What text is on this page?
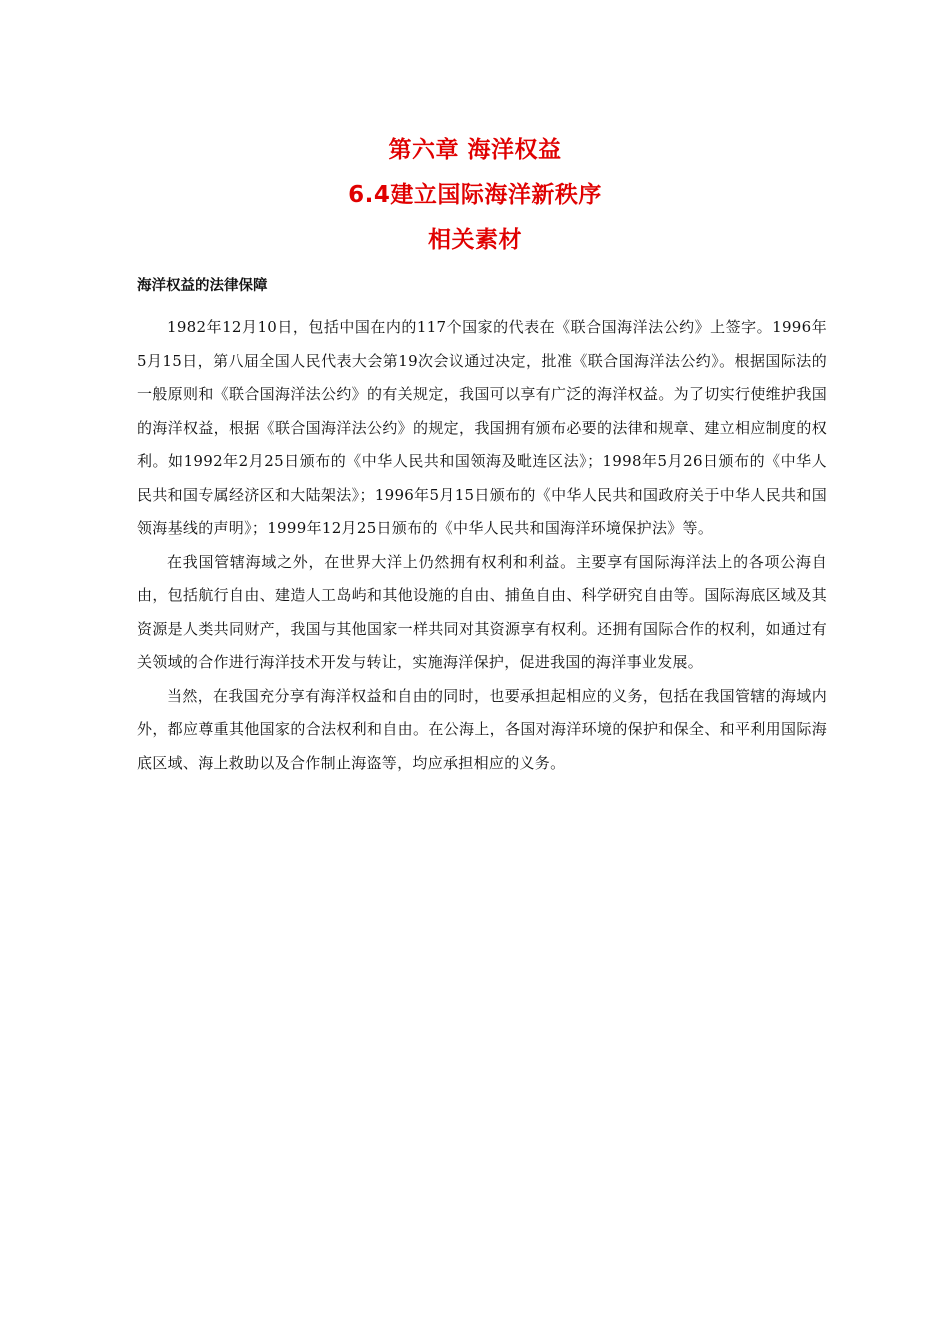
第六章 海洋权益
6.4建立国际海洋新秩序
相关素材
海洋权益的法律保障

1982年12月10日，包括中国在内的117个国家的代表在《联合国海洋法公约》上签字。1996年5月15日，第八届全国人民代表大会第19次会议通过决定，批准《联合国海洋法公约》。根据国际法的一般原则和《联合国海洋法公约》的有关规定，我国可以享有广泛的海洋权益。为了切实行使维护我国的海洋权益，根据《联合国海洋法公约》的规定，我国拥有颁布必要的法律和规章、建立相应制度的权利。如1992年2月25日颁布的《中华人民共和国领海及毗连区法》；1998年5月26日颁布的《中华人民共和国专属经济区和大陆架法》；1996年5月15日颁布的《中华人民共和国政府关于中华人民共和国领海基线的声明》；1999年12月25日颁布的《中华人民共和国海洋环境保护法》等。

在我国管辖海域之外，在世界大洋上仍然拥有权利和利益。主要享有国际海洋法上的各项公海自由，包括航行自由、建造人工岛屿和其他设施的自由、捕鱼自由、科学研究自由等。国际海底区域及其资源是人类共同财产，我国与其他国家一样共同对其资源享有权利。还拥有国际合作的权利，如通过有关领域的合作进行海洋技术开发与转让，实施海洋保护，促进我国的海洋事业发展。

当然，在我国充分享有海洋权益和自由的同时，也要承担起相应的义务，包括在我国管辖的海域内外，都应尊重其他国家的合法权利和自由。在公海上，各国对海洋环境的保护和保全、和平利用国际海底区域、海上救助以及合作制止海盗等，均应承担相应的义务。
